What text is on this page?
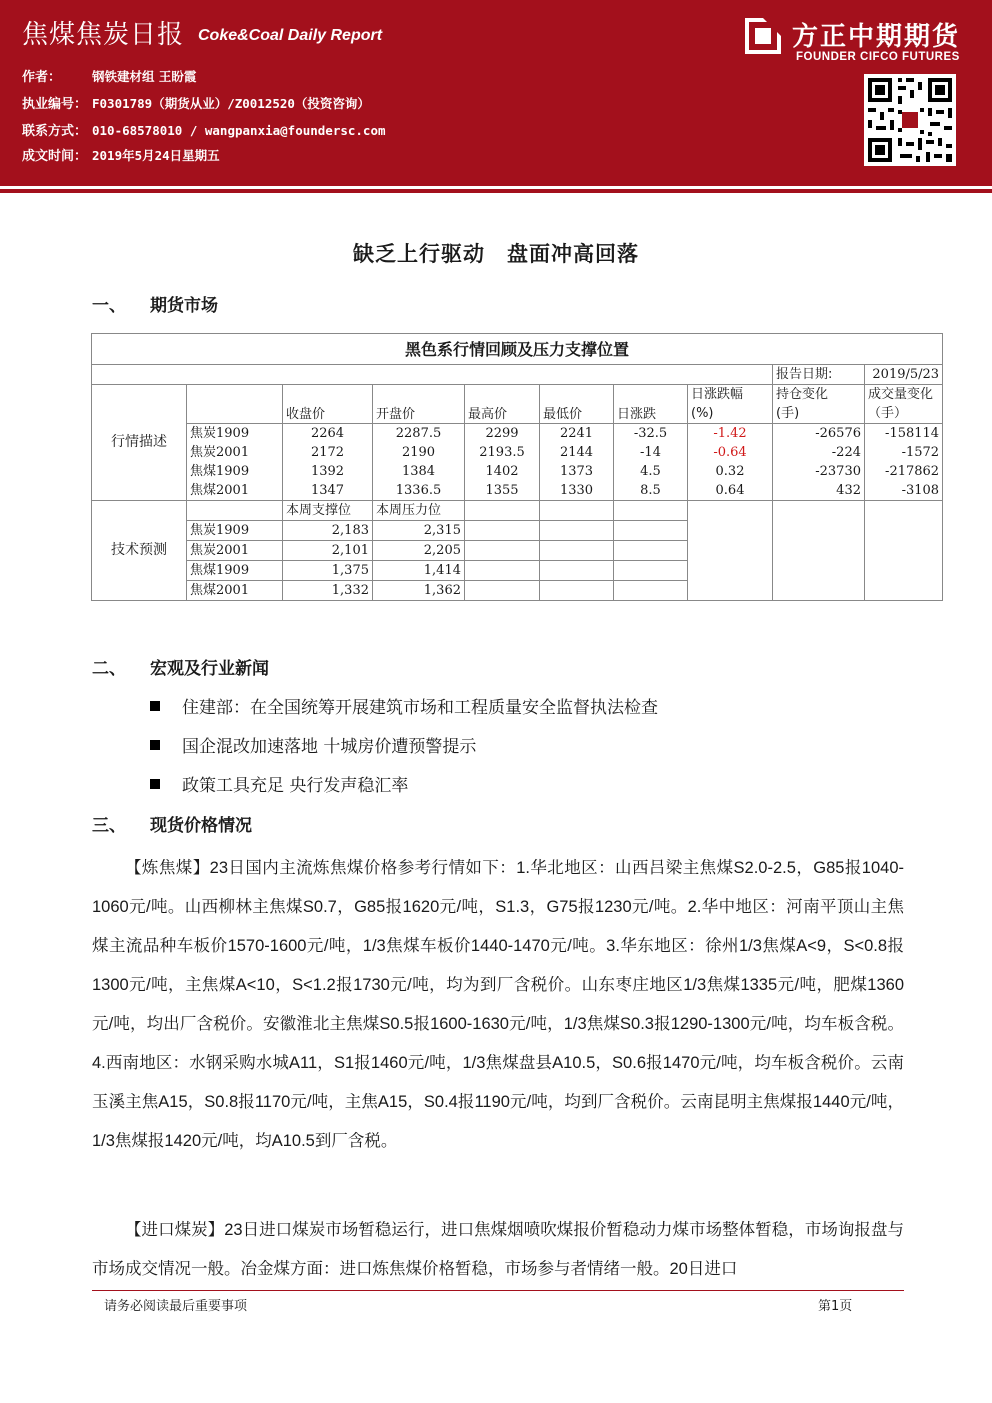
焦煤焦炭日报 Coke&Coal Daily Report
作者： 钢铁建材组 王盼霞
执业编号： F0301789（期货从业）/Z0012520（投资咨询）
联系方式： 010-68578010 / wangpanxia@foundersc.com
成文时间： 2019年5月24日星期五
方正中期期货
FOUNDER CIFCO FUTURES
缺乏上行驱动　盘面冲高回落
一、 期货市场
黑色系行情回顾及压力支撑位置									
								报告日期:	2019/5/23
行情描述		收盘价	开盘价	最高价	最低价	日涨跌	日涨跌幅	持仓变化	成交量变化
							(%)	(手)	（手）
	焦炭1909	2264	2287.5	2299	2241	-32.5	-1.42	-26576	-158114
	焦炭2001	2172	2190	2193.5	2144	-14	-0.64	-224	-1572
	焦煤1909	1392	1384	1402	1373	4.5	0.32	-23730	-217862
	焦煤2001	1347	1336.5	1355	1330	8.5	0.64	432	-3108
技术预测		本周支撑位	本周压力位						
	焦炭1909	2,183	2,315						
	焦炭2001	2,101	2,205						
	焦煤1909	1,375	1,414						
	焦煤2001	1,332	1,362						
二、 宏观及行业新闻
住建部：在全国统筹开展建筑市场和工程质量安全监督执法检查
国企混改加速落地 十城房价遭预警提示
政策工具充足 央行发声稳汇率
三、 现货价格情况
【炼焦煤】23日国内主流炼焦煤价格参考行情如下：1.华北地区：山西吕梁主焦煤S2.0-2.5，G85报1040-1060元/吨。山西柳林主焦煤S0.7，G85报1620元/吨，S1.3，G75报1230元/吨。2.华中地区：河南平顶山主焦煤主流品种车板价1570-1600元/吨，1/3焦煤车板价1440-1470元/吨。3.华东地区：徐州1/3焦煤A<9，S<0.8报1300元/吨，主焦煤A<10，S<1.2报1730元/吨，均为到厂含税价。山东枣庄地区1/3焦煤1335元/吨，肥煤1360元/吨，均出厂含税价。安徽淮北主焦煤S0.5报1600-1630元/吨，1/3焦煤S0.3报1290-1300元/吨，均车板含税。4.西南地区：水钢采购水城A11，S1报1460元/吨，1/3焦煤盘县A10.5，S0.6报1470元/吨，均车板含税价。云南玉溪主焦A15，S0.8报1170元/吨，主焦A15，S0.4报1190元/吨，均到厂含税价。云南昆明主焦煤报1440元/吨，1/3焦煤报1420元/吨，均A10.5到厂含税。
【进口煤炭】23日进口煤炭市场暂稳运行，进口焦煤烟喷吹煤报价暂稳动力煤市场整体暂稳，市场询报盘与市场成交情况一般。冶金煤方面：进口炼焦煤价格暂稳，市场参与者情绪一般。20日进口
请务必阅读最后重要事项	第1页
